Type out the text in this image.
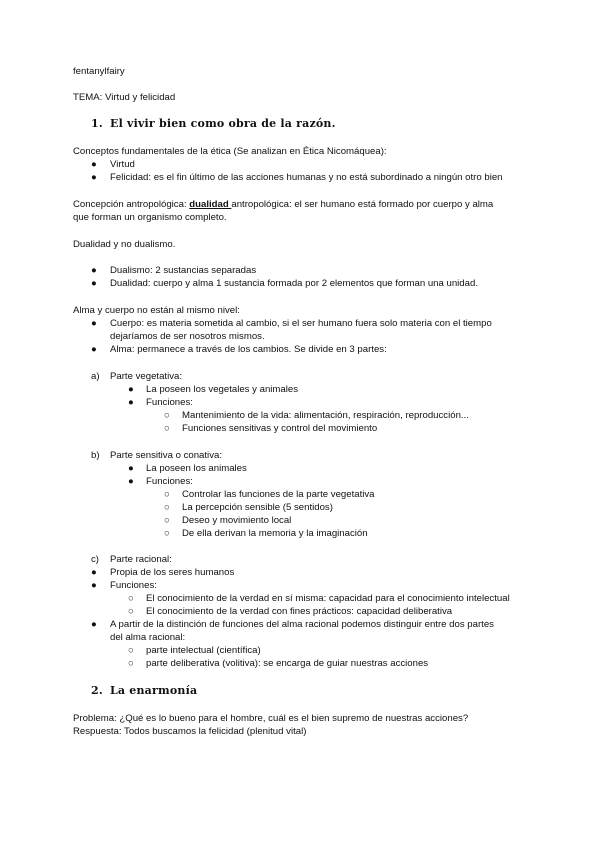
fentanylfairy
TEMA: Virtud y felicidad
1. El vivir bien como obra de la razón.
Conceptos fundamentales de la ética (Se analizan en Ética Nicomáquea):
● Virtud
● Felicidad: es el fin último de las acciones humanas y no está subordinado a ningún otro bien
Concepción antropológica: dualidad antropológica: el ser humano está formado por cuerpo y alma
que forman un organismo completo.
Dualidad y no dualismo.
● Dualismo: 2 sustancias separadas
● Dualidad: cuerpo y alma 1 sustancia formada por 2 elementos que forman una unidad.
Alma y cuerpo no están al mismo nivel:
● Cuerpo: es materia sometida al cambio, si el ser humano fuera solo materia con el tiempo
dejaríamos de ser nosotros mismos.
● Alma: permanece a través de los cambios. Se divide en 3 partes:
a) Parte vegetativa:
● La poseen los vegetales y animales
● Funciones:
○ Mantenimiento de la vida: alimentación, respiración, reproducción...
○ Funciones sensitivas y control del movimiento
b) Parte sensitiva o conativa:
● La poseen los animales
● Funciones:
○ Controlar las funciones de la parte vegetativa
○ La percepción sensible (5 sentidos)
○ Deseo y movimiento local
○ De ella derivan la memoria y la imaginación
c) Parte racional:
● Propia de los seres humanos
● Funciones:
○ El conocimiento de la verdad en sí misma: capacidad para el conocimiento intelectual
○ El conocimiento de la verdad con fines prácticos: capacidad deliberativa
● A partir de la distinción de funciones del alma racional podemos distinguir entre dos partes
del alma racional:
○ parte intelectual (científica)
○ parte deliberativa (volitiva): se encarga de guiar nuestras acciones
2. La enarmonía
Problema: ¿Qué es lo bueno para el hombre, cuál es el bien supremo de nuestras acciones?
Respuesta: Todos buscamos la felicidad (plenitud vital)
